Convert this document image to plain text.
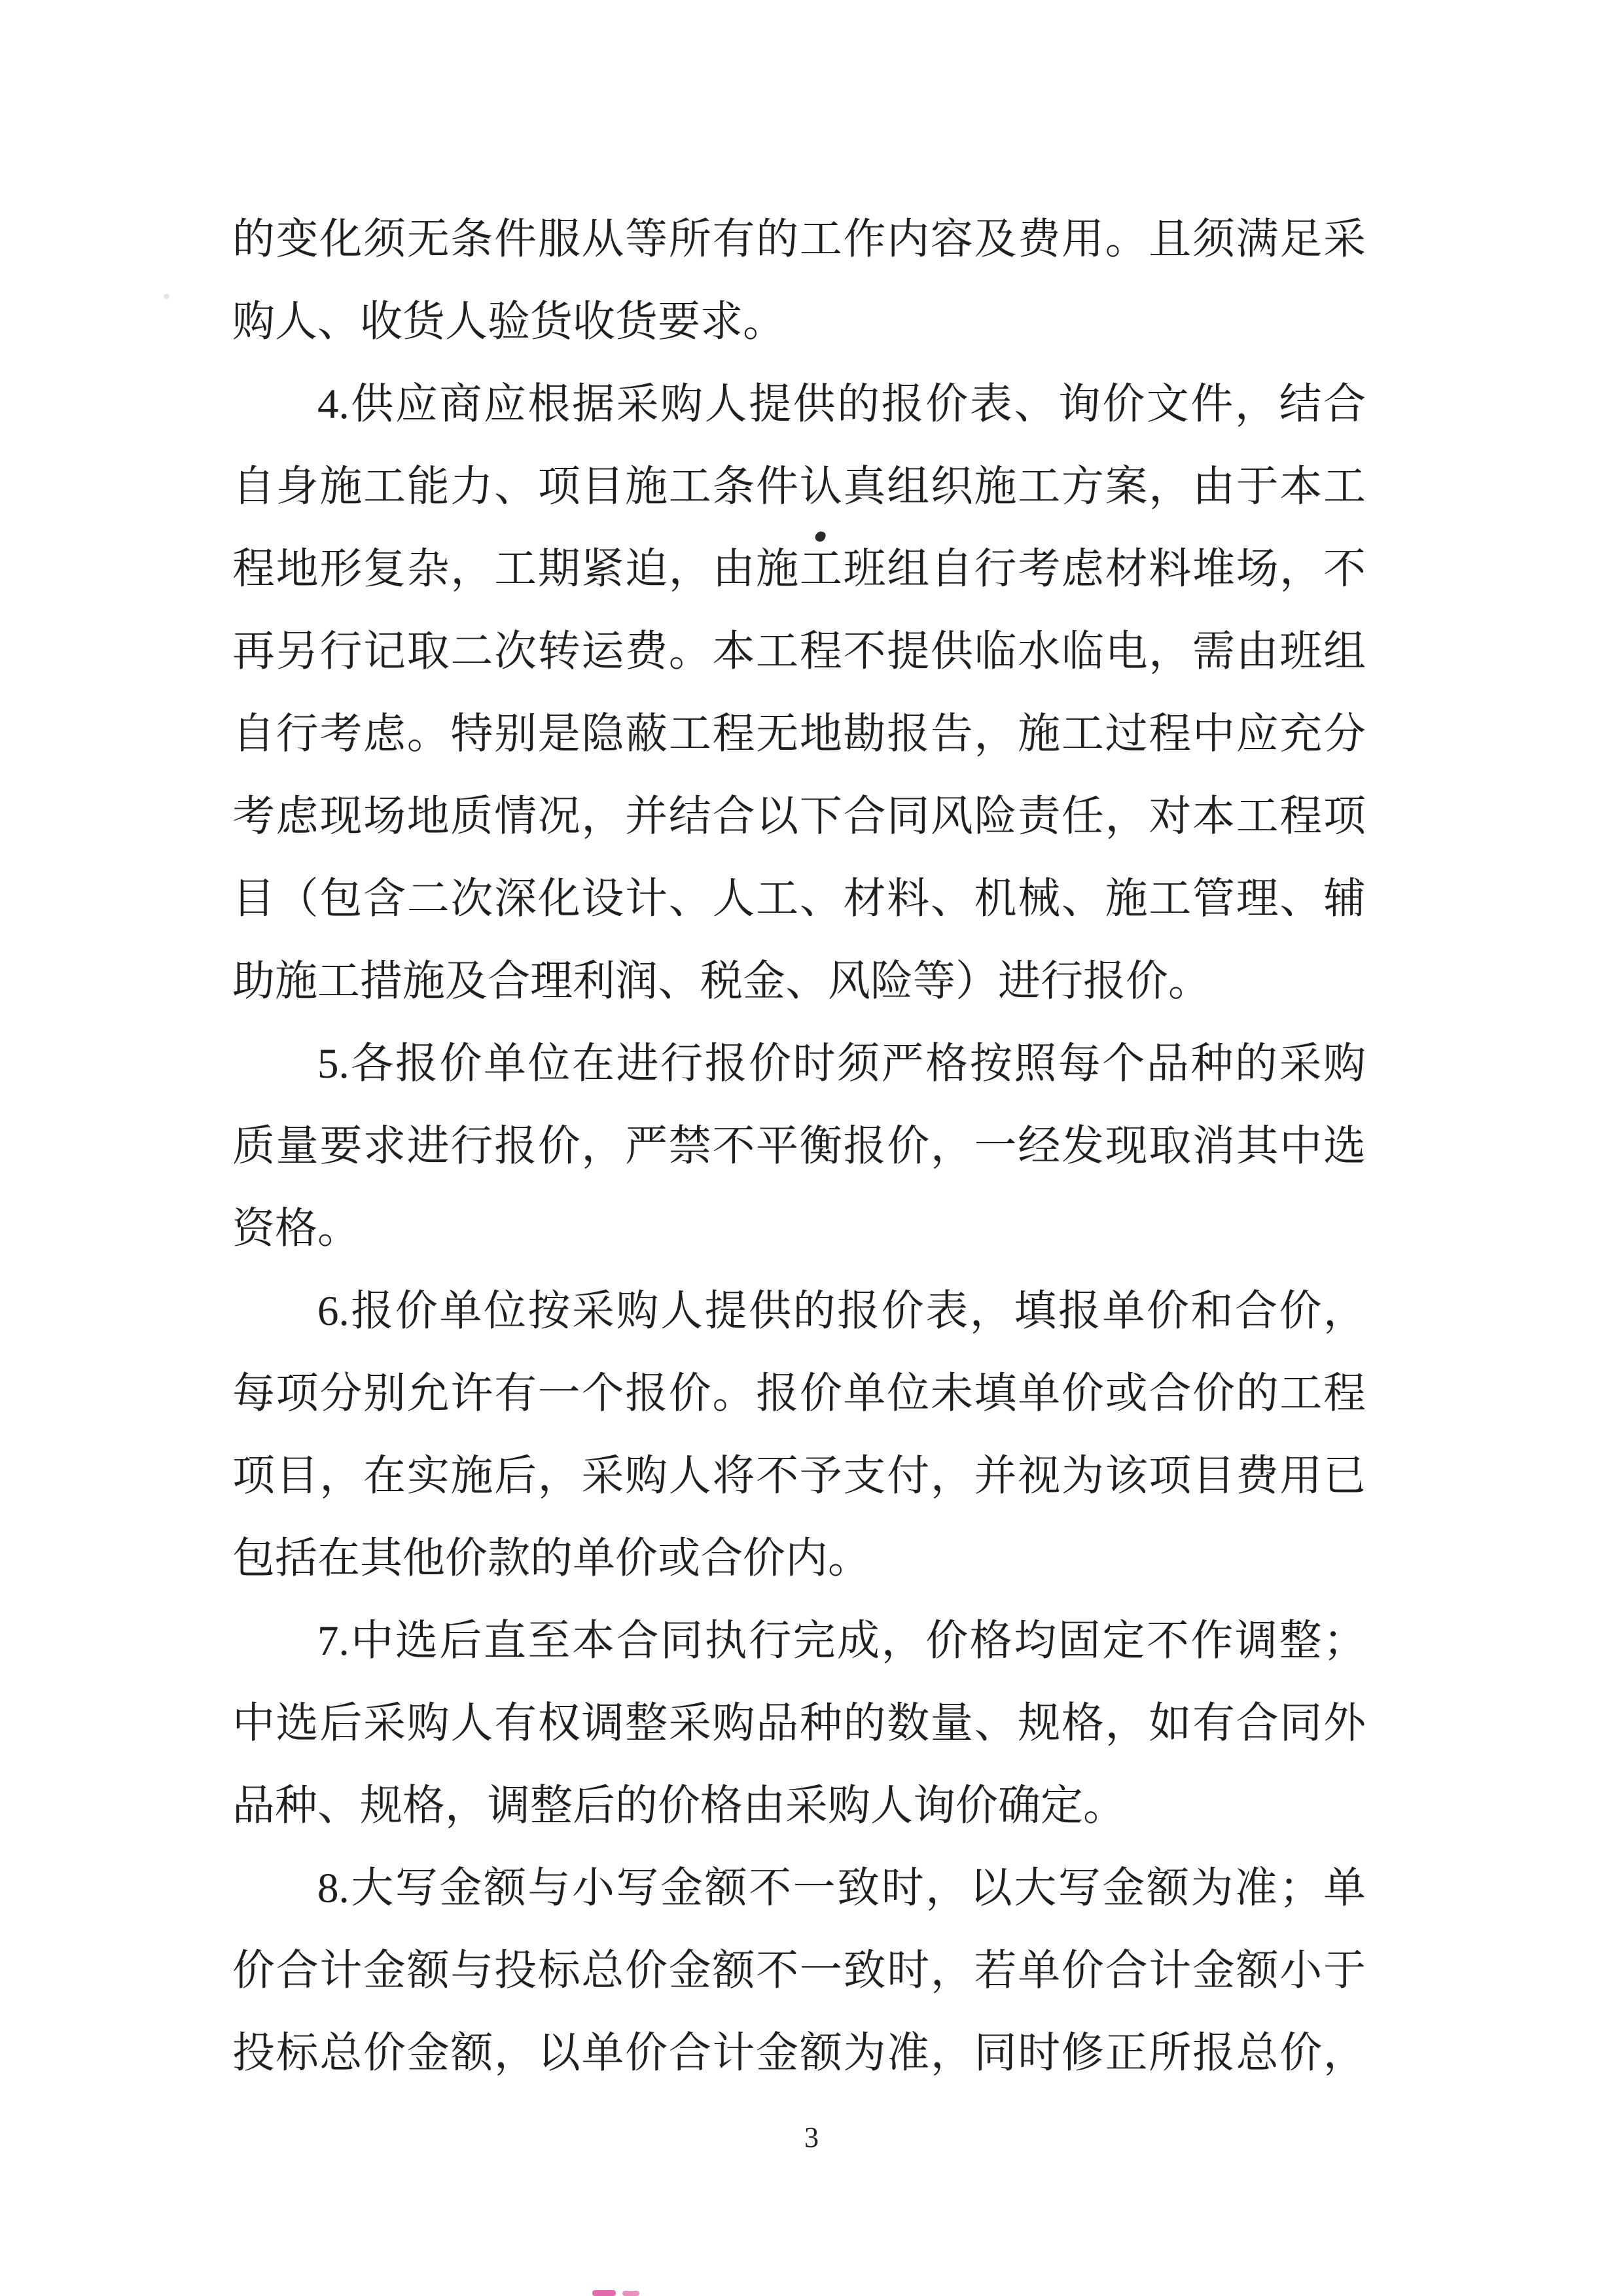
的变化须无条件服从等所有的工作内容及费用。且须满足采
购人、收货人验货收货要求。
4.供应商应根据采购人提供的报价表、询价文件，结合
自身施工能力、项目施工条件认真组织施工方案，由于本工
程地形复杂，工期紧迫，由施工班组自行考虑材料堆场，不
再另行记取二次转运费。本工程不提供临水临电，需由班组
自行考虑。特别是隐蔽工程无地勘报告，施工过程中应充分
考虑现场地质情况，并结合以下合同风险责任，对本工程项
目（包含二次深化设计、人工、材料、机械、施工管理、辅
助施工措施及合理利润、税金、风险等）进行报价。
5.各报价单位在进行报价时须严格按照每个品种的采购
质量要求进行报价，严禁不平衡报价，一经发现取消其中选
资格。
6.报价单位按采购人提供的报价表，填报单价和合价，
每项分别允许有一个报价。报价单位未填单价或合价的工程
项目，在实施后，采购人将不予支付，并视为该项目费用已
包括在其他价款的单价或合价内。
7.中选后直至本合同执行完成，价格均固定不作调整；
中选后采购人有权调整采购品种的数量、规格，如有合同外
品种、规格，调整后的价格由采购人询价确定。
8.大写金额与小写金额不一致时，以大写金额为准；单
价合计金额与投标总价金额不一致时，若单价合计金额小于
投标总价金额，以单价合计金额为准，同时修正所报总价，
3
